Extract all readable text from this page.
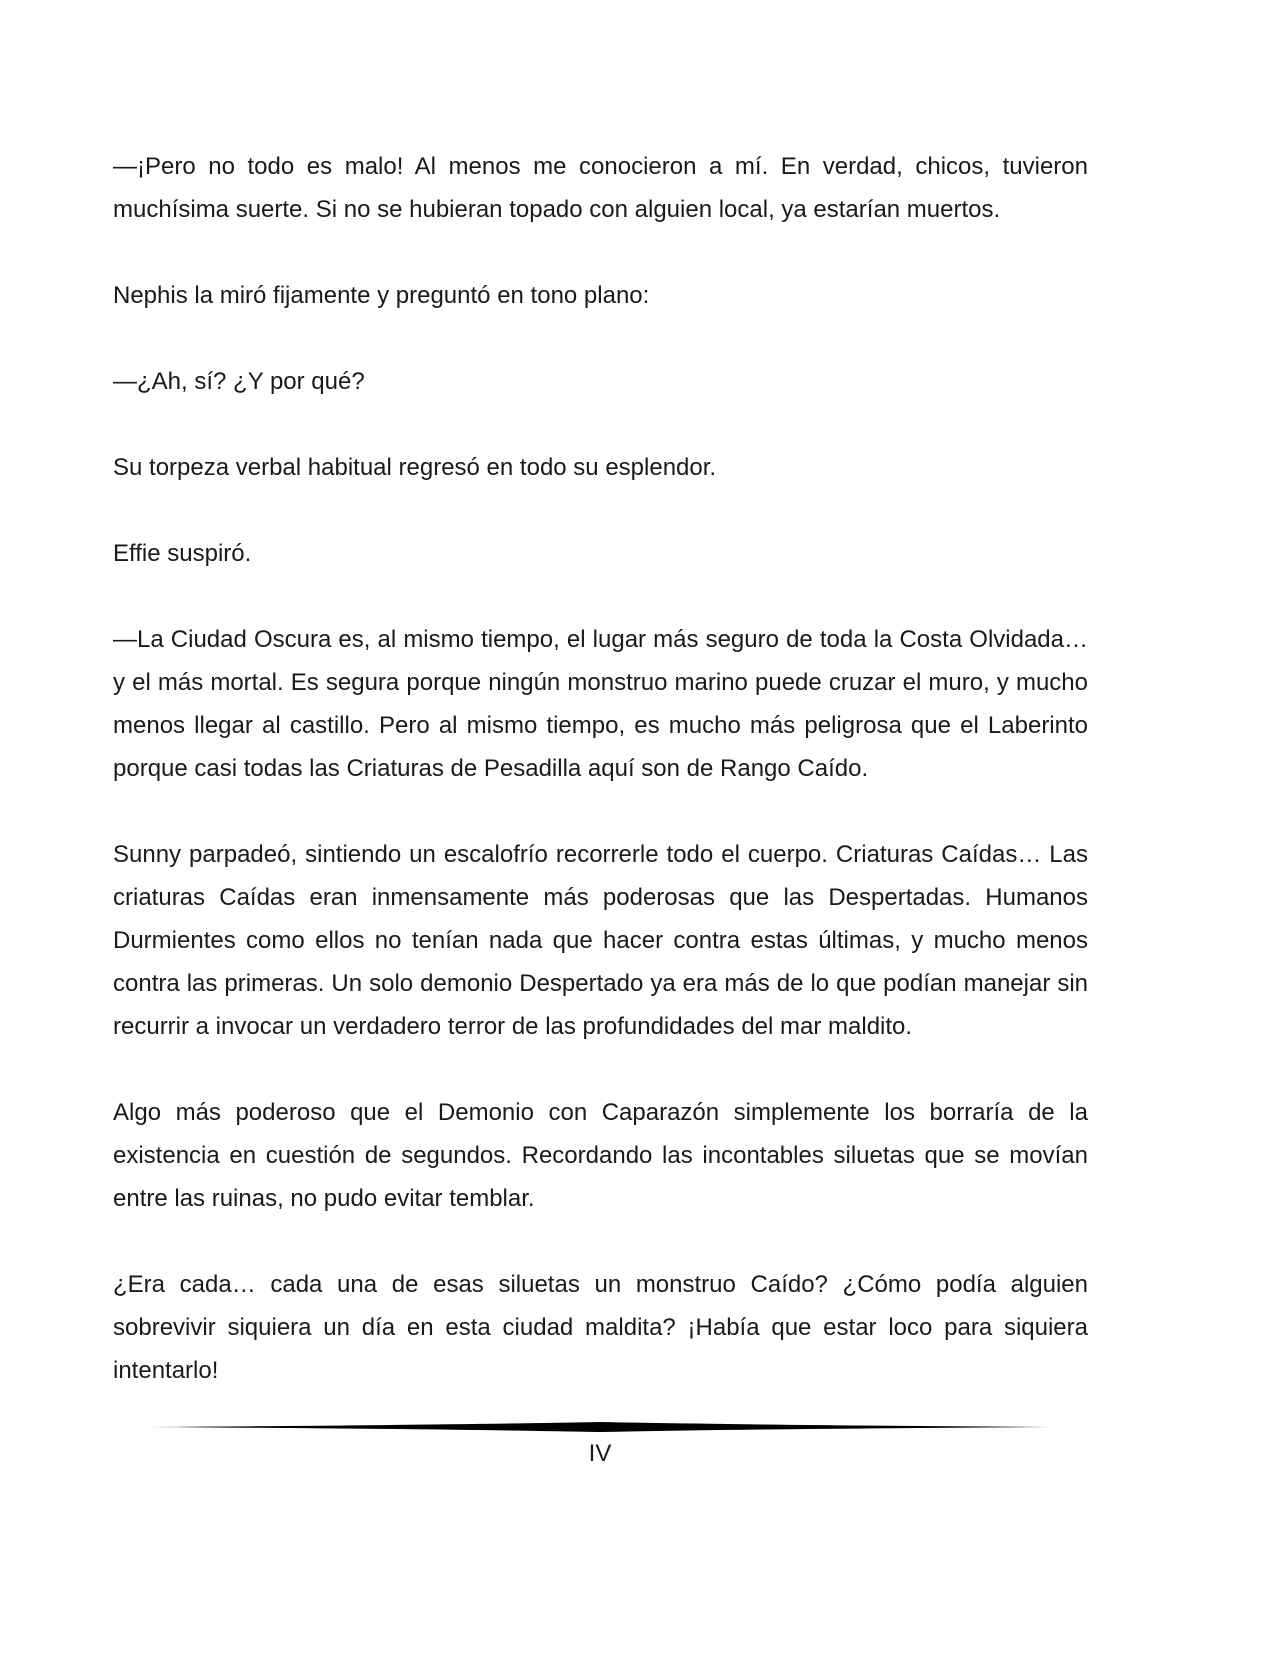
—¡Pero no todo es malo! Al menos me conocieron a mí. En verdad, chicos, tuvieron muchísima suerte. Si no se hubieran topado con alguien local, ya estarían muertos.

Nephis la miró fijamente y preguntó en tono plano:

—¿Ah, sí? ¿Y por qué?

Su torpeza verbal habitual regresó en todo su esplendor.

Effie suspiró.

—La Ciudad Oscura es, al mismo tiempo, el lugar más seguro de toda la Costa Olvidada… y el más mortal. Es segura porque ningún monstruo marino puede cruzar el muro, y mucho menos llegar al castillo. Pero al mismo tiempo, es mucho más peligrosa que el Laberinto porque casi todas las Criaturas de Pesadilla aquí son de Rango Caído.

Sunny parpadeó, sintiendo un escalofrío recorrerle todo el cuerpo. Criaturas Caídas… Las criaturas Caídas eran inmensamente más poderosas que las Despertadas. Humanos Durmientes como ellos no tenían nada que hacer contra estas últimas, y mucho menos contra las primeras. Un solo demonio Despertado ya era más de lo que podían manejar sin recurrir a invocar un verdadero terror de las profundidades del mar maldito.

Algo más poderoso que el Demonio con Caparazón simplemente los borraría de la existencia en cuestión de segundos. Recordando las incontables siluetas que se movían entre las ruinas, no pudo evitar temblar.

¿Era cada… cada una de esas siluetas un monstruo Caído? ¿Cómo podía alguien sobrevivir siquiera un día en esta ciudad maldita? ¡Había que estar loco para siquiera intentarlo!

IV
